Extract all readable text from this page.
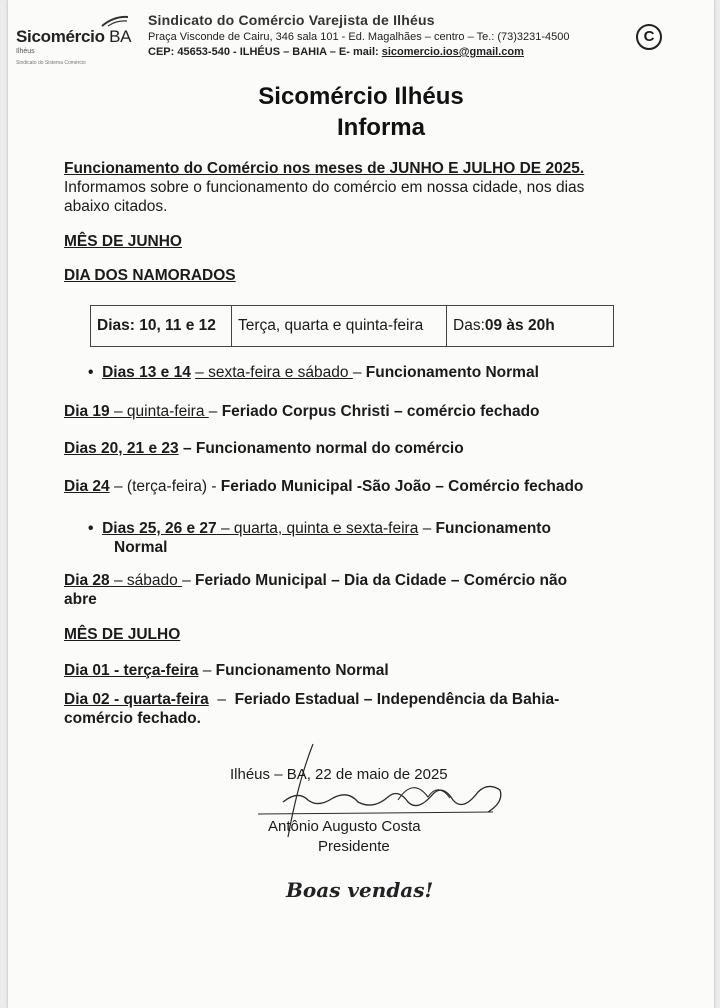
Sicomércio BA
Ilhéus
Sindicato do Sistema Comércio
Sindicato do Comércio Varejista de Ilhéus
Praça Visconde de Cairu, 346 sala 101 - Ed. Magalhães – centro – Te.: (73)3231-4500
CEP: 45653-540 - ILHÉUS – BAHIA – E- mail: sicomercio.ios@gmail.com
C
Sicomércio Ilhéus
Informa
Funcionamento do Comércio nos meses de JUNHO E JULHO DE 2025.
Informamos sobre o funcionamento do comércio em nossa cidade, nos dias
abaixo citados.
MÊS DE JUNHO
DIA DOS NAMORADOS
Dias: 10, 11 e 12	Terça, quarta e quinta-feira	Das: 09 às 20h
• Dias 13 e 14 – sexta-feira e sábado – Funcionamento Normal
Dia 19 – quinta-feira – Feriado Corpus Christi – comércio fechado
Dias 20, 21 e 23 – Funcionamento normal do comércio
Dia 24 – (terça-feira) - Feriado Municipal -São João – Comércio fechado
• Dias 25, 26 e 27 – quarta, quinta e sexta-feira – Funcionamento
Normal
Dia 28 – sábado – Feriado Municipal – Dia da Cidade – Comércio não
abre
MÊS DE JULHO
Dia 01 - terça-feira – Funcionamento Normal
Dia 02 - quarta-feira  –  Feriado Estadual – Independência da Bahia-
comércio fechado.
Ilhéus – BA, 22 de maio de 2025
Antônio Augusto Costa
Presidente
Boas vendas!
